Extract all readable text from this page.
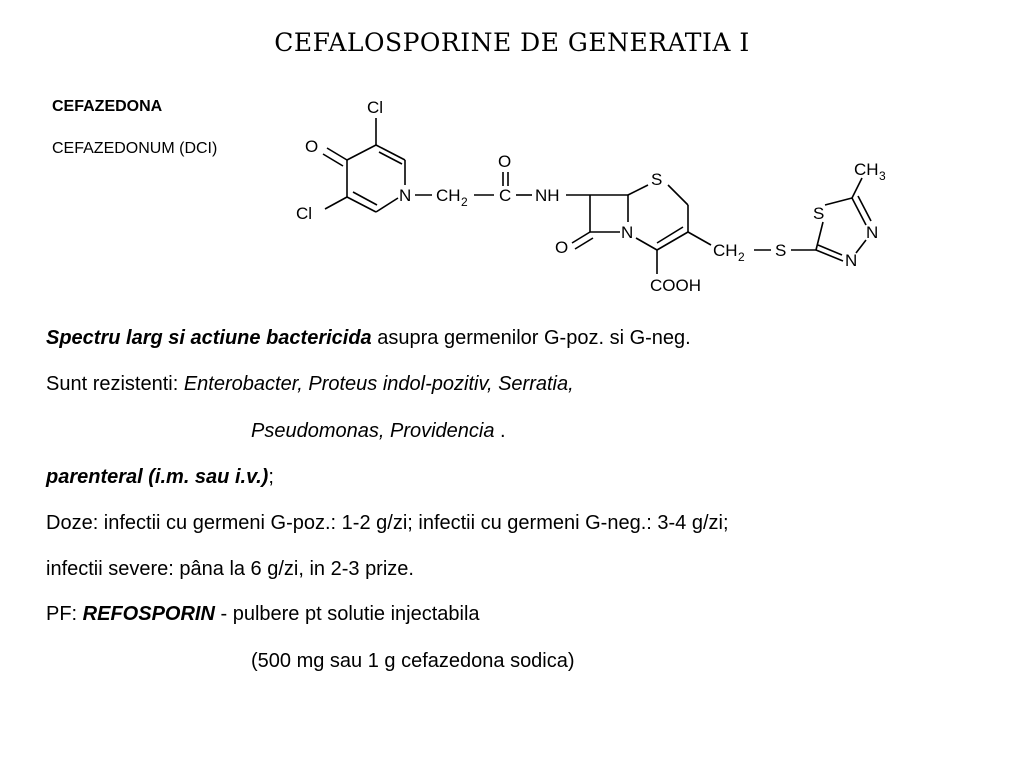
CEFALOSPORINE DE GENERATIA I
CEFAZEDONA
CEFAZEDONUM (DCI)
Cl
O
Cl
N CH 2 C
O
NH
S
N
O	CH 2 S
COOH
CH 3
S
N
N
Spectru larg si actiune bactericida asupra germenilor G-poz. si G-neg.
Sunt rezistenti: Enterobacter, Proteus indol-pozitiv, Serratia,
Pseudomonas, Providencia .
parenteral (i.m. sau i.v.);
Doze: infectii cu germeni G-poz.: 1-2 g/zi; infectii cu germeni G-neg.: 3-4 g/zi;
infectii severe: pâna la 6 g/zi, in 2-3 prize.
PF: REFOSPORIN - pulbere pt solutie injectabila
(500 mg sau 1 g cefazedona sodica)
